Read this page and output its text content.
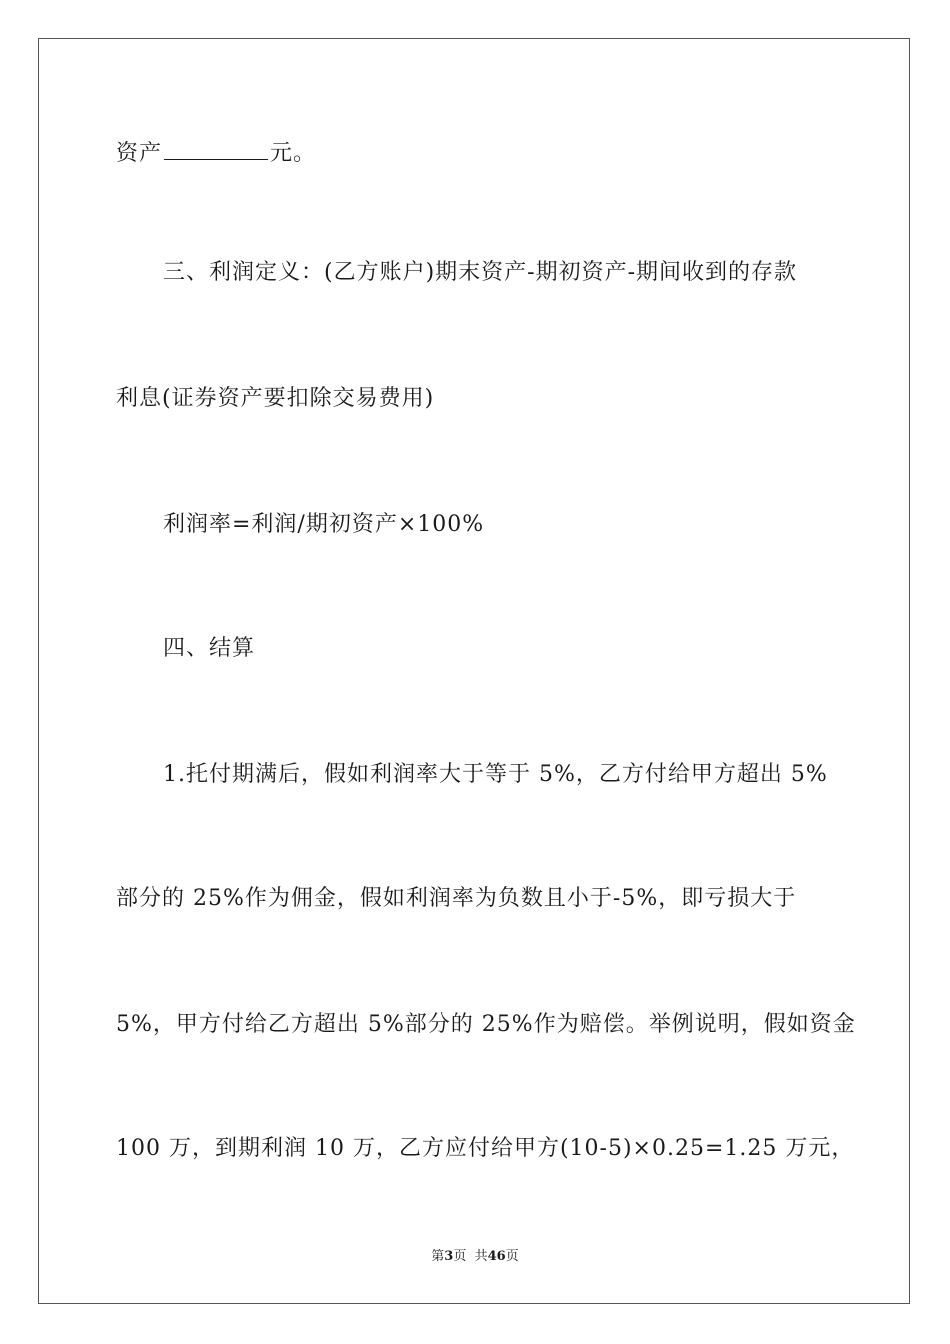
资产	元。
三、利润定义：(乙方账户)期末资产-期初资产-期间收到的存款
利息(证券资产要扣除交易费用)
利润率=利润/期初资产×100%
四、结算
1.托付期满后，假如利润率大于等于 5%，乙方付给甲方超出 5%
部分的 25%作为佣金，假如利润率为负数且小于-5%，即亏损大于
5%，甲方付给乙方超出 5%部分的 25%作为赔偿。举例说明，假如资金
100 万，到期利润 10 万，乙方应付给甲方(10-5)×0.25=1.25 万元，
第3页  共46页
